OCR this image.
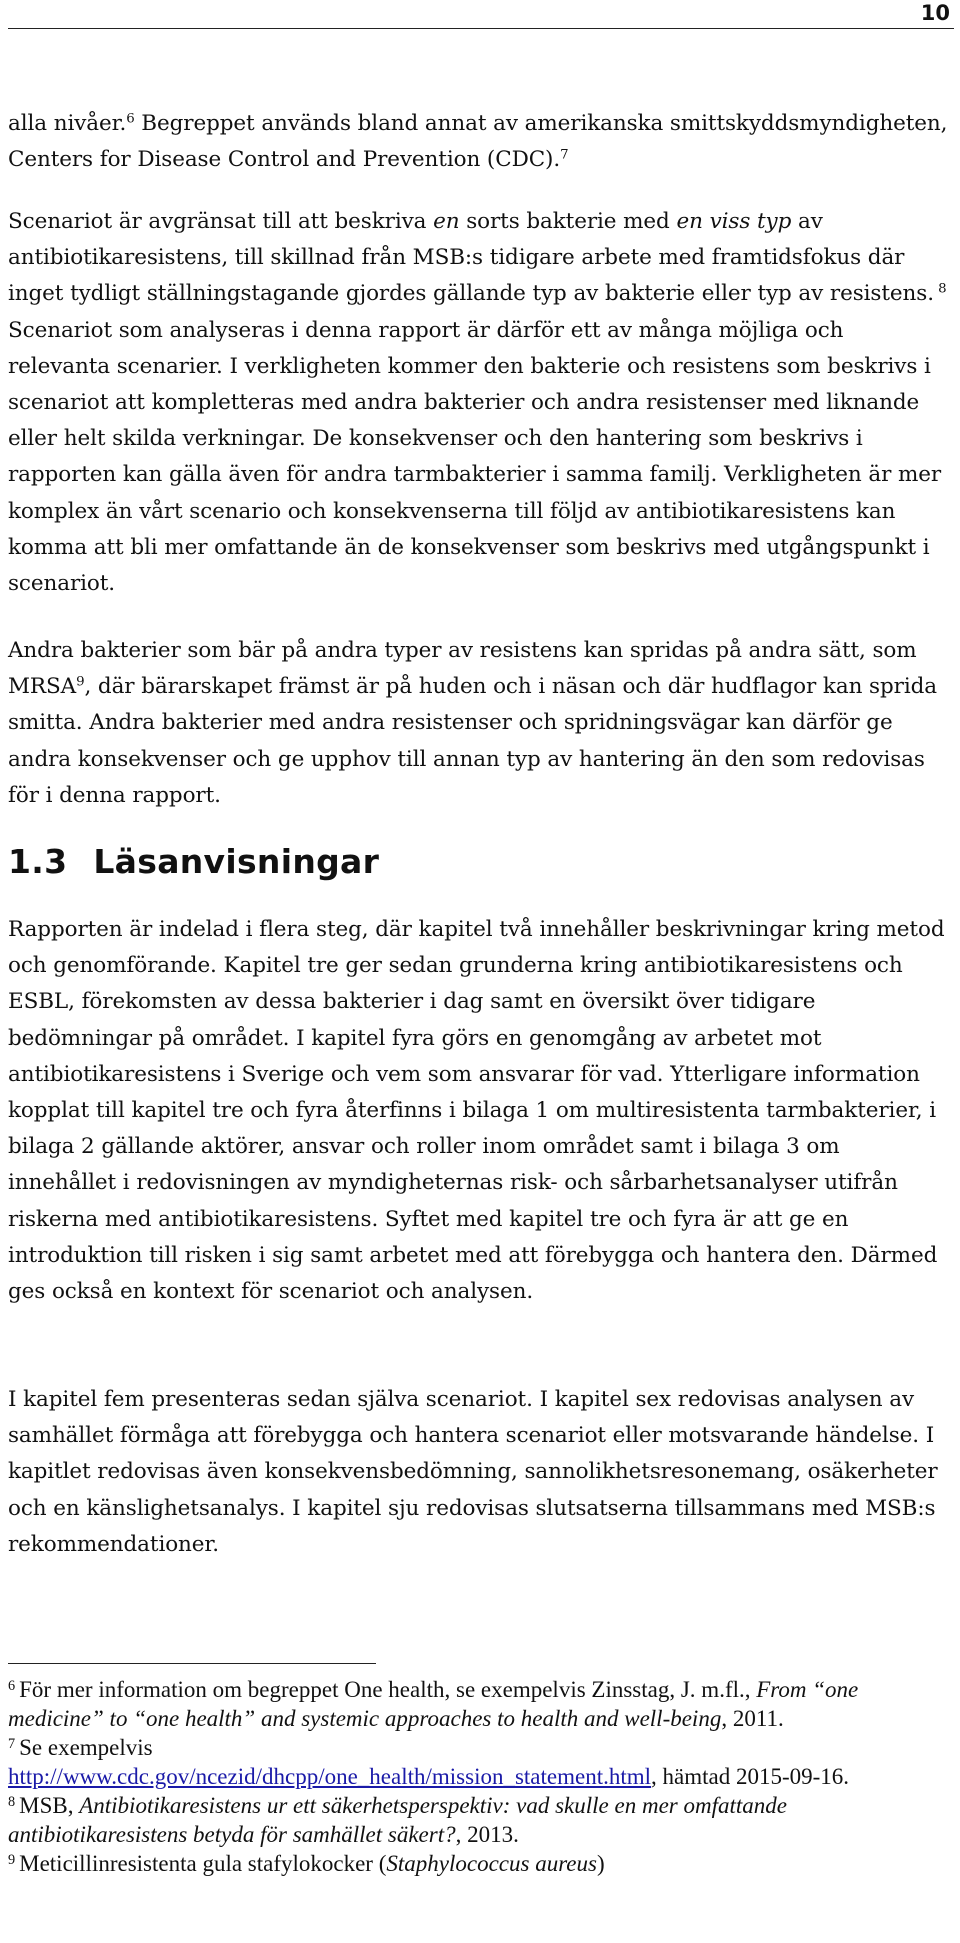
10

alla nivåer.$^6$ Begreppet används bland annat av amerikanska smittskyddsmyndigheten, Centers for Disease Control and Prevention (CDC).$^7$

Scenariot är avgränsat till att beskriva en sorts bakterie med en viss typ av antibiotikaresistens, till skillnad från MSB:s tidigare arbete med framtidsfokus där inget tydligt ställningstagande gjordes gällande typ av bakterie eller typ av resistens. $^8$ Scenariot som analyseras i denna rapport är därför ett av många möjliga och relevanta scenarier. I verkligheten kommer den bakterie och resistens som beskrivs i scenariot att kompletteras med andra bakterier och andra resistenser med liknande eller helt skilda verkningar. De konsekvenser och den hantering som beskrivs i rapporten kan gälla även för andra tarmbakterier i samma familj. Verkligheten är mer komplex än vårt scenario och konsekvenserna till följd av antibiotikaresistens kan komma att bli mer omfattande än de konsekvenser som beskrivs med utgångspunkt i scenariot.

Andra bakterier som bär på andra typer av resistens kan spridas på andra sätt, som MRSA$^9$, där bärarskapet främst är på huden och i näsan och där hudflagor kan sprida smitta. Andra bakterier med andra resistenser och spridningsvägar kan därför ge andra konsekvenser och ge upphov till annan typ av hantering än den som redovisas för i denna rapport.

1.3 Läsanvisningar

Rapporten är indelad i flera steg, där kapitel två innehåller beskrivningar kring metod och genomförande. Kapitel tre ger sedan grunderna kring antibiotikaresistens och ESBL, förekomsten av dessa bakterier i dag samt en översikt över tidigare bedömningar på området. I kapitel fyra görs en genomgång av arbetet mot antibiotikaresistens i Sverige och vem som ansvarar för vad. Ytterligare information kopplat till kapitel tre och fyra återfinns i bilaga 1 om multiresistenta tarmbakterier, i bilaga 2 gällande aktörer, ansvar och roller inom området samt i bilaga 3 om innehållet i redovisningen av myndigheternas risk- och sårbarhetsanalyser utifrån riskerna med antibiotikaresistens. Syftet med kapitel tre och fyra är att ge en introduktion till risken i sig samt arbetet med att förebygga och hantera den. Därmed ges också en kontext för scenariot och analysen.

I kapitel fem presenteras sedan själva scenariot. I kapitel sex redovisas analysen av samhället förmåga att förebygga och hantera scenariot eller motsvarande händelse. I kapitlet redovisas även konsekvensbedömning, sannolikhetsresonemang, osäkerheter och en känslighetsanalys. I kapitel sju redovisas slutsatserna tillsammans med MSB:s rekommendationer.

$^6$ För mer information om begreppet One health, se exempelvis Zinsstag, J. m.fl., From “one medicine” to “one health” and systemic approaches to health and well-being, 2011.

$^7$ Se exempelvis
http://www.cdc.gov/ncezid/dhcpp/one_health/mission_statement.html, hämtad 2015-09-16.

$^8$ MSB, Antibiotikaresistens ur ett säkerhetsperspektiv: vad skulle en mer omfattande antibiotikaresistens betyda för samhället säkert?, 2013.

$^9$ Meticillinresistenta gula stafylokocker (Staphylococcus aureus)
